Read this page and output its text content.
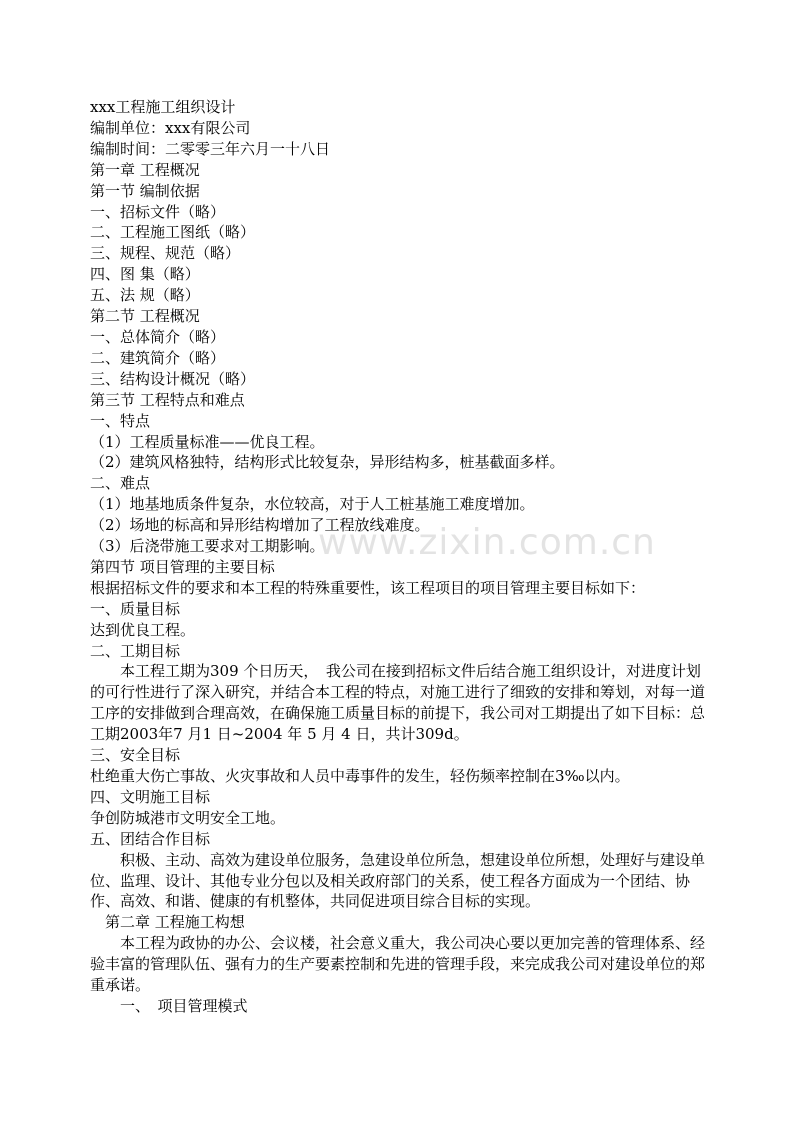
www.zixin.com.cn
xxx工程施工组织设计
编制单位：xxx有限公司
编制时间：二零零三年六月一十八日
第一章 工程概况
第一节 编制依据
一、招标文件（略）
二、工程施工图纸（略）
三、规程、规范（略）
四、图 集（略）
五、法 规（略）
第二节 工程概况
一、总体简介（略）
二、建筑简介（略）
三、结构设计概况（略）
第三节 工程特点和难点
一、特点
（1）工程质量标准——优良工程。
（2）建筑风格独特，结构形式比较复杂，异形结构多，桩基截面多样。
二、难点
（1）地基地质条件复杂，水位较高，对于人工桩基施工难度增加。
（2）场地的标高和异形结构增加了工程放线难度。
（3）后浇带施工要求对工期影响。
第四节 项目管理的主要目标
根据招标文件的要求和本工程的特殊重要性，该工程项目的项目管理主要目标如下：
一、质量目标
达到优良工程。
二、工期目标
　　本工程工期为309 个日历天，　我公司在接到招标文件后结合施工组织设计，对进度计划的可行性进行了深入研究，并结合本工程的特点，对施工进行了细致的安排和筹划，对每一道工序的安排做到合理高效，在确保施工质量目标的前提下，我公司对工期提出了如下目标：总工期2003年7 月1 日~2004 年 5 月 4 日，共计309d。
三、安全目标
杜绝重大伤亡事故、火灾事故和人员中毒事件的发生，轻伤频率控制在3‰以内。
四、文明施工目标
争创防城港市文明安全工地。
五、团结合作目标
　　积极、主动、高效为建设单位服务，急建设单位所急，想建设单位所想，处理好与建设单位、监理、设计、其他专业分包以及相关政府部门的关系，使工程各方面成为一个团结、协作、高效、和谐、健康的有机整体，共同促进项目综合目标的实现。
　第二章 工程施工构想
　　本工程为政协的办公、会议楼，社会意义重大，我公司决心要以更加完善的管理体系、经验丰富的管理队伍、强有力的生产要素控制和先进的管理手段，来完成我公司对建设单位的郑重承诺。
　　一、　项目管理模式
